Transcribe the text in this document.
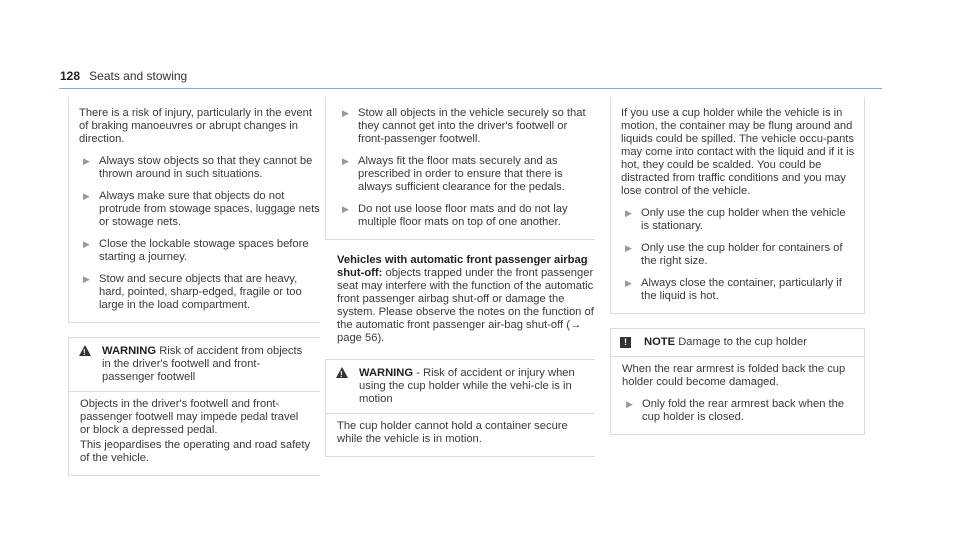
128 Seats and stowing

There is a risk of injury, particularly in the event of braking manoeuvres or abrupt changes in direction.

▶ Always stow objects so that they cannot be thrown around in such situations.
▶ Always make sure that objects do not protrude from stowage spaces, luggage nets or stowage nets.
▶ Close the lockable stowage spaces before starting a journey.
▶ Stow and secure objects that are heavy, hard, pointed, sharp-edged, fragile or too large in the load compartment.
!
WARNING Risk of accident from objects in the driver's footwell and front-passenger footwell

Objects in the driver's footwell and front-passenger footwell may impede pedal travel or block a depressed pedal.

This jeopardises the operating and road safety of the vehicle.

▶ Stow all objects in the vehicle securely so that they cannot get into the driver's footwell or front-passenger footwell.
▶ Always fit the floor mats securely and as prescribed in order to ensure that there is always sufficient clearance for the pedals.
▶ Do not use loose floor mats and do not lay multiple floor mats on top of one another.

Vehicles with automatic front passenger airbag shut-off: objects trapped under the front passenger seat may interfere with the function of the automatic front passenger airbag shut-off or damage the system. Please observe the notes on the function of the automatic front passenger air-bag shut-off (→ page 56).

!
WARNING - Risk of accident or injury when using the cup holder while the vehi-cle is in motion

The cup holder cannot hold a container secure while the vehicle is in motion.

If you use a cup holder while the vehicle is in motion, the container may be flung around and liquids could be spilled. The vehicle occu-pants may come into contact with the liquid and if it is hot, they could be scalded. You could be distracted from traffic conditions and you may lose control of the vehicle.

▶ Only use the cup holder when the vehicle is stationary.
▶ Only use the cup holder for containers of the right size.
▶ Always close the container, particularly if the liquid is hot.
!	NOTE Damage to the cup holder

When the rear armrest is folded back the cup holder could become damaged.

▶ Only fold the rear armrest back when the cup holder is closed.
